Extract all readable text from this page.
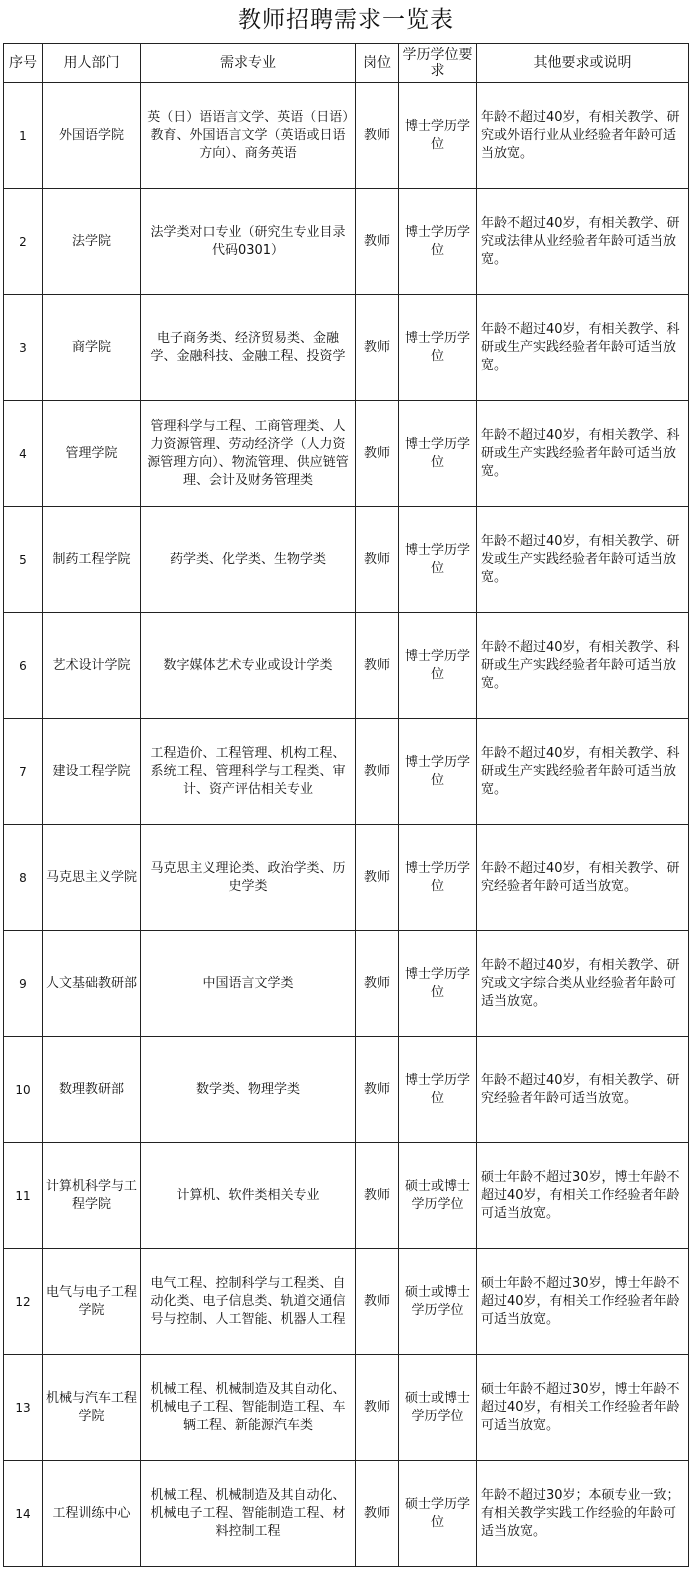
教师招聘需求一览表
序号	用人部门	需求专业	岗位	学历学位要求	其他要求或说明
1	外国语学院	英（日）语语言文学、英语（日语）教育、外国语言文学（英语或日语方向）、商务英语	教师	博士学历学位	年龄不超过40岁，有相关教学、研究或外语行业从业经验者年龄可适当放宽。
2	法学院	法学类对口专业（研究生专业目录代码0301）	教师	博士学历学位	年龄不超过40岁，有相关教学、研究或法律从业经验者年龄可适当放宽。
3	商学院	电子商务类、经济贸易类、金融学、金融科技、金融工程、投资学	教师	博士学历学位	年龄不超过40岁，有相关教学、科研或生产实践经验者年龄可适当放宽。
4	管理学院	管理科学与工程、工商管理类、人力资源管理、劳动经济学（人力资源管理方向）、物流管理、供应链管理、会计及财务管理类	教师	博士学历学位	年龄不超过40岁，有相关教学、科研或生产实践经验者年龄可适当放宽。
5	制药工程学院	药学类、化学类、生物学类	教师	博士学历学位	年龄不超过40岁，有相关教学、研发或生产实践经验者年龄可适当放宽。
6	艺术设计学院	数字媒体艺术专业或设计学类	教师	博士学历学位	年龄不超过40岁，有相关教学、科研或生产实践经验者年龄可适当放宽。
7	建设工程学院	工程造价、工程管理、机构工程、系统工程、管理科学与工程类、审计、资产评估相关专业	教师	博士学历学位	年龄不超过40岁，有相关教学、科研或生产实践经验者年龄可适当放宽。
8	马克思主义学院	马克思主义理论类、政治学类、历史学类	教师	博士学历学位	年龄不超过40岁，有相关教学、研究经验者年龄可适当放宽。
9	人文基础教研部	中国语言文学类	教师	博士学历学位	年龄不超过40岁，有相关教学、研究或文字综合类从业经验者年龄可适当放宽。
10	数理教研部	数学类、物理学类	教师	博士学历学位	年龄不超过40岁，有相关教学、研究经验者年龄可适当放宽。
11	计算机科学与工程学院	计算机、软件类相关专业	教师	硕士或博士学历学位	硕士年龄不超过30岁，博士年龄不超过40岁，有相关工作经验者年龄可适当放宽。
12	电气与电子工程学院	电气工程、控制科学与工程类、自动化类、电子信息类、轨道交通信号与控制、人工智能、机器人工程	教师	硕士或博士学历学位	硕士年龄不超过30岁，博士年龄不超过40岁，有相关工作经验者年龄可适当放宽。
13	机械与汽车工程学院	机械工程、机械制造及其自动化、机械电子工程、智能制造工程、车辆工程、新能源汽车类	教师	硕士或博士学历学位	硕士年龄不超过30岁，博士年龄不超过40岁，有相关工作经验者年龄可适当放宽。
14	工程训练中心	机械工程、机械制造及其自动化、机械电子工程、智能制造工程、材料控制工程	教师	硕士学历学位	年龄不超过30岁；本硕专业一致；有相关教学实践工作经验的年龄可适当放宽。
